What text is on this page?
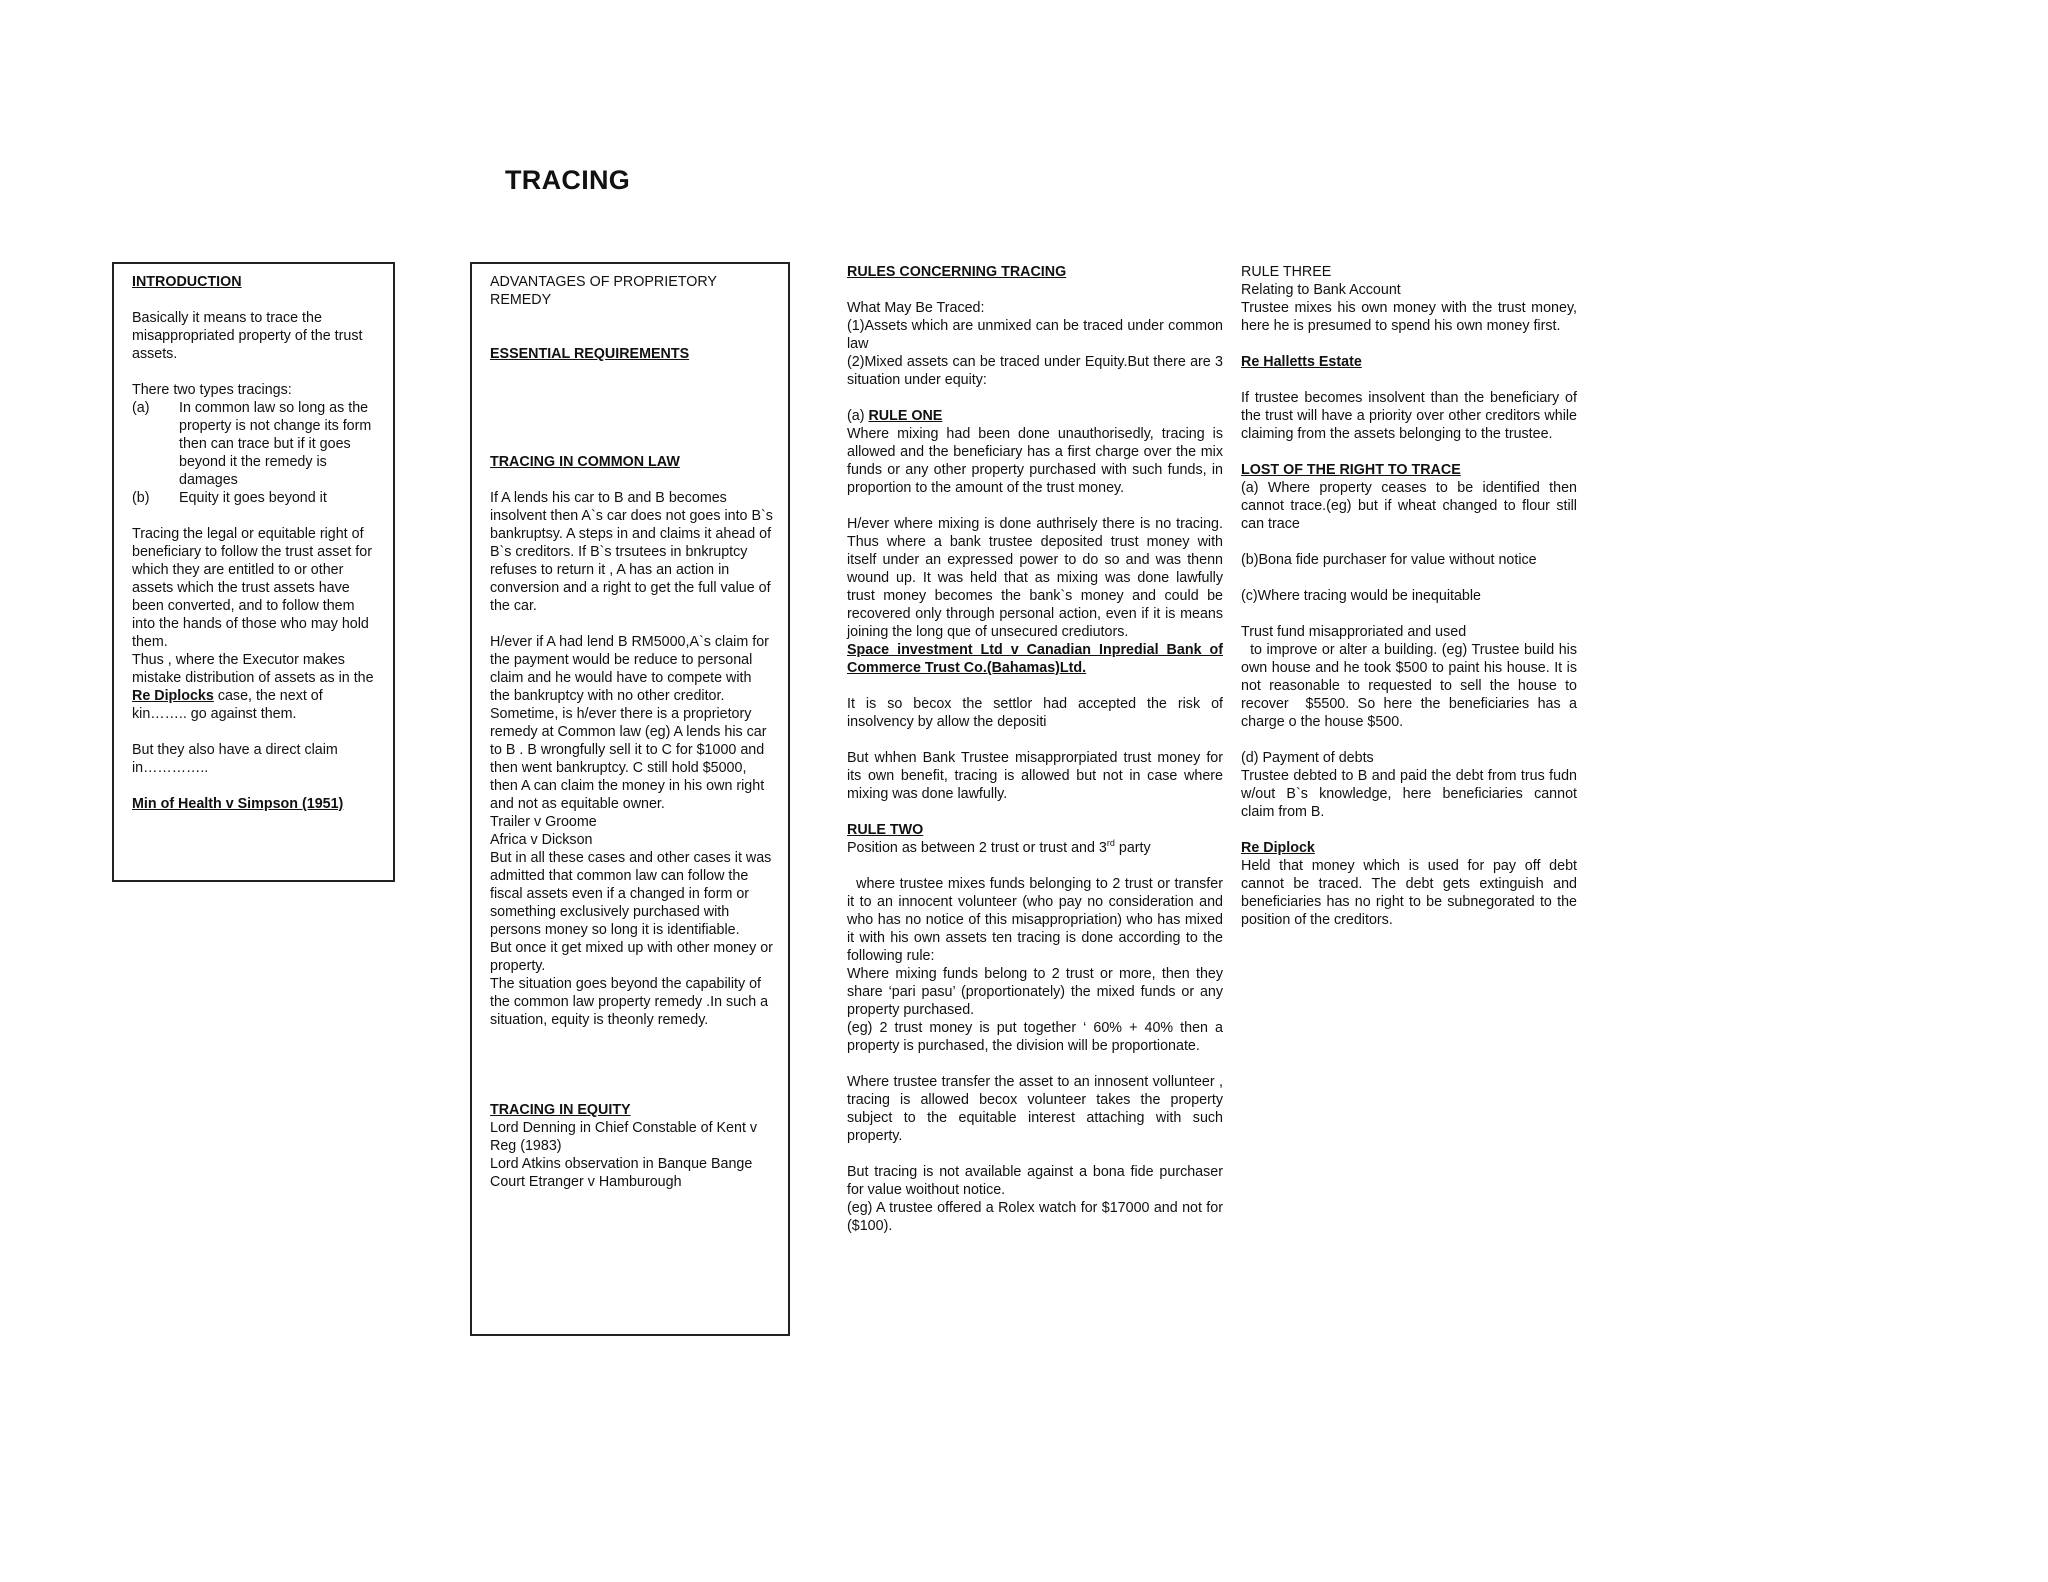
TRACING

INTRODUCTION

Basically it means to trace the misappropriated property of the trust assets.

There two types tracings:

(a)	In common law so long as the property is not change its form then can trace but if it goes beyond it the remedy is damages
(b)	Equity it goes beyond it

Tracing the legal or equitable right of beneficiary to follow the trust asset for which they are entitled to or other assets which the trust assets have been converted, and to follow them into the hands of those who may hold them.

Thus , where the Executor makes mistake distribution of assets as in the Re Diplocks case, the next of kin…….. go against them.

But they also have a direct claim in…………..

Min of Health v Simpson (1951)

ADVANTAGES OF PROPRIETORY REMEDY

ESSENTIAL REQUIREMENTS

TRACING IN COMMON LAW

If A lends his car to B and B becomes insolvent then A`s car does not goes into B`s bankruptsy. A steps in and claims it ahead of B`s creditors. If B`s trsutees in bnkruptcy refuses to return it , A has an action in conversion and a right to get the full value of the car.

H/ever if A had lend B RM5000,A`s claim for the payment would be reduce to personal claim and he would have to compete with the bankruptcy with no other creditor. Sometime, is h/ever there is a proprietory remedy at Common law (eg) A lends his car to B . B wrongfully sell it to C for $1000 and then went bankruptcy. C still hold $5000, then A can claim the money in his own right and not as equitable owner.

Trailer v Groome

Africa v Dickson

But in all these cases and other cases it was admitted that common law can follow the fiscal assets even if a changed in form or something exclusively purchased with persons money so long it is identifiable.

But once it get mixed up with other money or property.

The situation goes beyond the capability of the common law property remedy .In such a situation, equity is theonly remedy.

TRACING IN EQUITY

Lord Denning in Chief Constable of Kent v Reg (1983)

Lord Atkins observation in Banque Bange Court Etranger v Hamburough

RULES CONCERNING TRACING

What May Be Traced:

(1)Assets which are unmixed can be traced under common law

(2)Mixed assets can be traced under Equity.But there are 3 situation under equity:

(a) RULE ONE

Where mixing had been done unauthorisedly, tracing is allowed and the beneficiary has a first charge over the mix funds or any other property purchased with such funds, in proportion to the amount of the trust money.

H/ever where mixing is done authrisely there is no tracing. Thus where a bank trustee deposited trust money with itself under an expressed power to do so and was thenn wound up. It was held that as mixing was done lawfully trust money becomes the bank`s money and could be recovered only through personal action, even if it is means joining the long que of unsecured crediutors.

Space investment Ltd v Canadian Inpredial Bank of Commerce Trust Co.(Bahamas)Ltd.

It is so becox the settlor had accepted the risk of insolvency by allow the depositi

But whhen Bank Trustee misapprorpiated trust money for its own benefit, tracing is allowed but not in case where mixing was done lawfully.

RULE TWO

Position as between 2 trust or trust and 3rd party

where trustee mixes funds belonging to 2 trust or transfer it to an innocent volunteer (who pay no consideration and who has no notice of this misappropriation) who has mixed it with his own assets ten tracing is done according to the following rule:

Where mixing funds belong to 2 trust or more, then they share ‘pari pasu’ (proportionately) the mixed funds or any property purchased.

(eg) 2 trust money is put together ‘ 60% + 40% then a property is purchased, the division will be proportionate.

Where trustee transfer the asset to an innosent vollunteer , tracing is allowed becox volunteer takes the property subject to the equitable interest attaching with such property.

But tracing is not available against a bona fide purchaser for value woithout notice.

(eg) A trustee offered a Rolex watch for $17000 and not for ($100).

RULE THREE

Relating to Bank Account

Trustee mixes his own money with the trust money, here he is presumed to spend his own money first.

Re Halletts Estate

If trustee becomes insolvent than the beneficiary of the trust will have a priority over other creditors while claiming from the assets belonging to the trustee.

LOST OF THE RIGHT TO TRACE

(a) Where property ceases to be identified then cannot trace.(eg) but if wheat changed to flour still can trace

(b)Bona fide purchaser for value without notice

(c)Where tracing would be inequitable

Trust fund misapproriated and used

to improve or alter a building. (eg) Trustee build his own house and he took $500 to paint his house. It is not reasonable to requested to sell the house to recover  $5500. So here the beneficiaries has a charge o the house $500.

(d) Payment of debts

Trustee debted to B and paid the debt from trus fudn w/out B`s knowledge, here beneficiaries cannot claim from B.

Re Diplock

Held that money which is used for pay off debt cannot be traced. The debt gets extinguish and beneficiaries has no right to be subnegorated to the position of the creditors.
